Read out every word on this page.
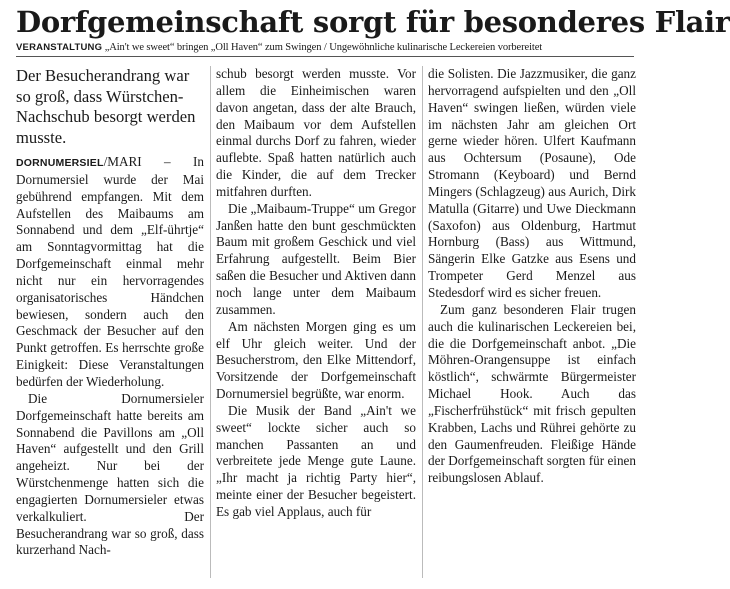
Dorfgemeinschaft sorgt für besonderes Flair
VERANSTALTUNG „Ain't we sweet“ bringen „Oll Haven“ zum Swingen / Ungewöhnliche kulinarische Leckereien vorbereitet

Der Besucherandrang war so groß, dass Würstchen-Nachschub besorgt werden musste.

DORNUMERSIEL/MARI – In Dornumersiel wurde der Mai gebührend empfangen. Mit dem Aufstellen des Maibaums am Sonnabend und dem „Elf-ührtje“ am Sonntagvormittag hat die Dorfgemeinschaft einmal mehr nicht nur ein hervorragendes organisatorisches Händchen bewiesen, sondern auch den Geschmack der Besucher auf den Punkt getroffen. Es herrschte große Einigkeit: Diese Veranstaltungen bedürfen der Wiederholung.

Die Dornumersieler Dorfgemeinschaft hatte bereits am Sonnabend die Pavillons am „Oll Haven“ aufgestellt und den Grill angeheizt. Nur bei der Würstchenmenge hatten sich die engagierten Dornumersieler etwas verkalkuliert. Der Besucherandrang war so groß, dass kurzerhand Nach-

schub besorgt werden musste. Vor allem die Einheimischen waren davon angetan, dass der alte Brauch, den Maibaum vor dem Aufstellen einmal durchs Dorf zu fahren, wieder auflebte. Spaß hatten natürlich auch die Kinder, die auf dem Trecker mitfahren durften.

Die „Maibaum-Truppe“ um Gregor Janßen hatte den bunt geschmückten Baum mit großem Geschick und viel Erfahrung aufgestellt. Beim Bier saßen die Besucher und Aktiven dann noch lange unter dem Maibaum zusammen.

Am nächsten Morgen ging es um elf Uhr gleich weiter. Und der Besucherstrom, den Elke Mittendorf, Vorsitzende der Dorfgemeinschaft Dornumersiel begrüßte, war enorm.

Die Musik der Band „Ain't we sweet“ lockte sicher auch so manchen Passanten an und verbreitete jede Menge gute Laune. „Ihr macht ja richtig Party hier“, meinte einer der Besucher begeistert. Es gab viel Applaus, auch für

die Solisten. Die Jazzmusiker, die ganz hervorragend aufspielten und den „Oll Haven“ swingen ließen, würden viele im nächsten Jahr am gleichen Ort gerne wieder hören. Ulfert Kaufmann aus Ochtersum (Posaune), Ode Stromann (Keyboard) und Bernd Mingers (Schlagzeug) aus Aurich, Dirk Matulla (Gitarre) und Uwe Dieckmann (Saxofon) aus Oldenburg, Hartmut Hornburg (Bass) aus Wittmund, Sängerin Elke Gatzke aus Esens und Trompeter Gerd Menzel aus Stedesdorf wird es sicher freuen.

Zum ganz besonderen Flair trugen auch die kulinarischen Leckereien bei, die die Dorfgemeinschaft anbot. „Die Möhren-Orangensuppe ist einfach köstlich“, schwärmte Bürgermeister Michael Hook. Auch das „Fischerfrühstück“ mit frisch gepulten Krabben, Lachs und Rührei gehörte zu den Gaumenfreuden. Fleißige Hände der Dorfgemeinschaft sorgten für einen reibungslosen Ablauf.
